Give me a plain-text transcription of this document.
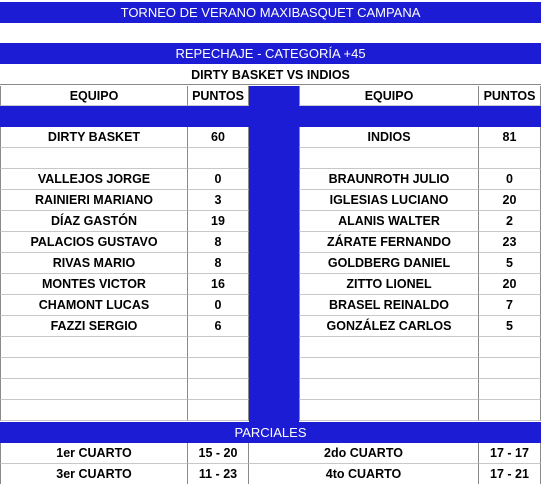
TORNEO DE VERANO MAXIBASQUET CAMPANA
REPECHAJE - CATEGORÍA +45
DIRTY BASKET VS INDIOS
EQUIPO	PUNTOS	EQUIPO	PUNTOS
DIRTY BASKET	60	INDIOS	81
VALLEJOS JORGE	0	BRAUNROTH JULIO	0
RAINIERI MARIANO	3	IGLESIAS LUCIANO	20
DÍAZ GASTÓN	19	ALANIS WALTER	2
PALACIOS GUSTAVO	8	ZÁRATE FERNANDO	23
RIVAS MARIO	8	GOLDBERG DANIEL	5
MONTES VICTOR	16	ZITTO LIONEL	20
CHAMONT LUCAS	0	BRASEL REINALDO	7
FAZZI SERGIO	6	GONZÁLEZ CARLOS	5
PARCIALES
1er CUARTO	15 - 20	2do CUARTO	17 - 17
3er CUARTO	11 - 23	4to CUARTO	17 - 21
